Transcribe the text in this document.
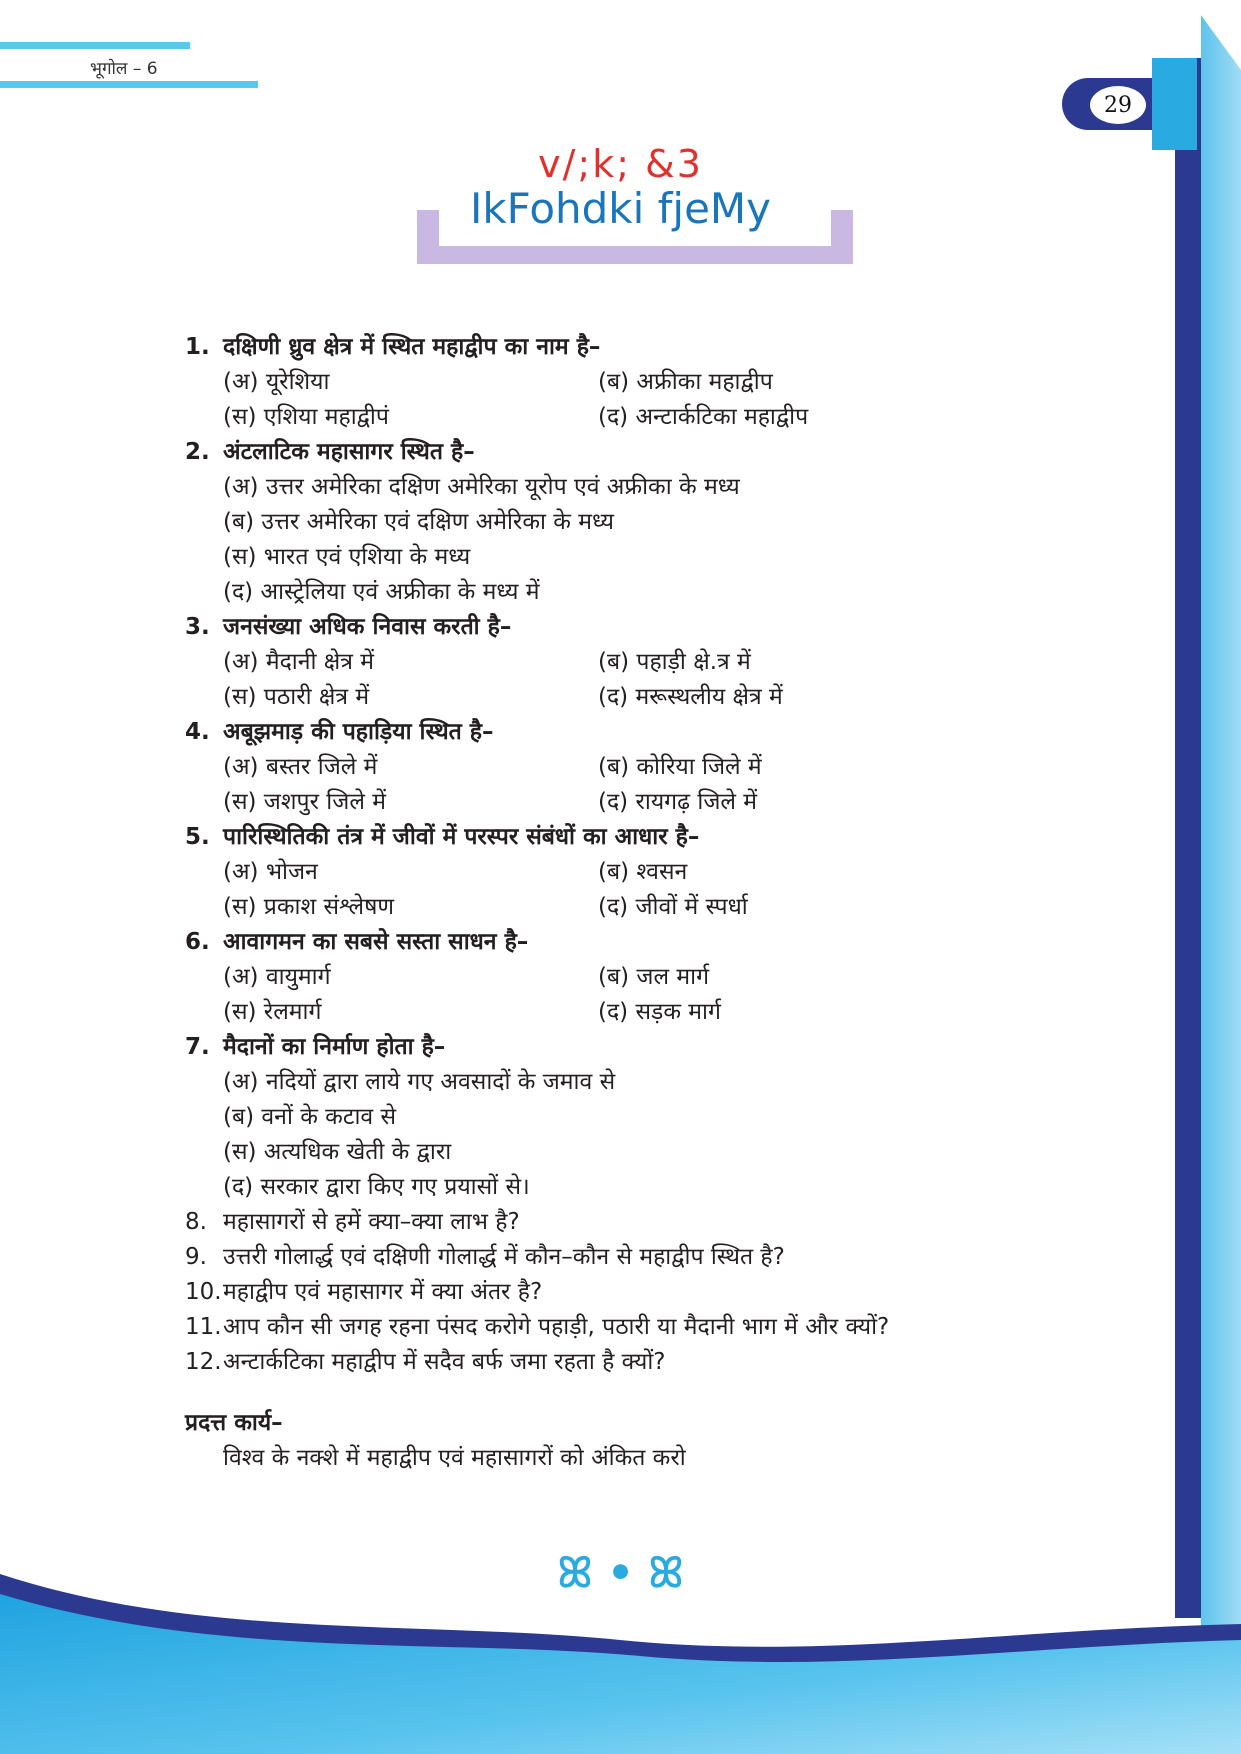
भूगोल – 6
29
v/;k; &3
IkFohdki fjeMy
1. दक्षिणी ध्रुव क्षेत्र में स्थित महाद्वीप का नाम है–
(अ) यूरेशिया	(ब) अफ्रीका महाद्वीप
(स) एशिया महाद्वीपं	(द) अन्टार्कटिका महाद्वीप
2. अंटलाटिक महासागर स्थित है–
(अ) उत्तर अमेरिका दक्षिण अमेरिका यूरोप एवं अफ्रीका के मध्य
(ब) उत्तर अमेरिका एवं दक्षिण अमेरिका के मध्य
(स) भारत एवं एशिया के मध्य
(द) आस्ट्रेलिया एवं अफ्रीका के मध्य में
3. जनसंख्या अधिक निवास करती है–
(अ) मैदानी क्षेत्र में	(ब) पहाड़ी क्षे.त्र में
(स) पठारी क्षेत्र में	(द) मरूस्थलीय क्षेत्र में
4. अबूझमाड़ की पहाड़िया स्थित है–
(अ) बस्तर जिले में	(ब) कोरिया जिले में
(स) जशपुर जिले में	(द) रायगढ़ जिले में
5. पारिस्थितिकी तंत्र में जीवों में परस्पर संबंधों का आधार है–
(अ) भोजन	(ब) श्वसन
(स) प्रकाश संश्लेषण	(द) जीवों में स्पर्धा
6. आवागमन का सबसे सस्ता साधन है–
(अ) वायुमार्ग	(ब) जल मार्ग
(स) रेलमार्ग	(द) सड़क मार्ग
7. मैदानों का निर्माण होता है–
(अ) नदियों द्वारा लाये गए अवसादों के जमाव से
(ब) वनों के कटाव से
(स) अत्यधिक खेती के द्वारा
(द) सरकार द्वारा किए गए प्रयासों से।
8. महासागरों से हमें क्या–क्या लाभ है?
9. उत्तरी गोलार्द्ध एवं दक्षिणी गोलार्द्ध में कौन–कौन से महाद्वीप स्थित है?
10. महाद्वीप एवं महासागर में क्या अंतर है?
11. आप कौन सी जगह रहना पंसद करोगे पहाड़ी, पठारी या मैदानी भाग में और क्यों?
12. अन्टार्कटिका महाद्वीप में सदैव बर्फ जमा रहता है क्यों?
प्रदत्त कार्य–
विश्व के नक्शे में महाद्वीप एवं महासागरों को अंकित करो
ꕤ • ꕤ
